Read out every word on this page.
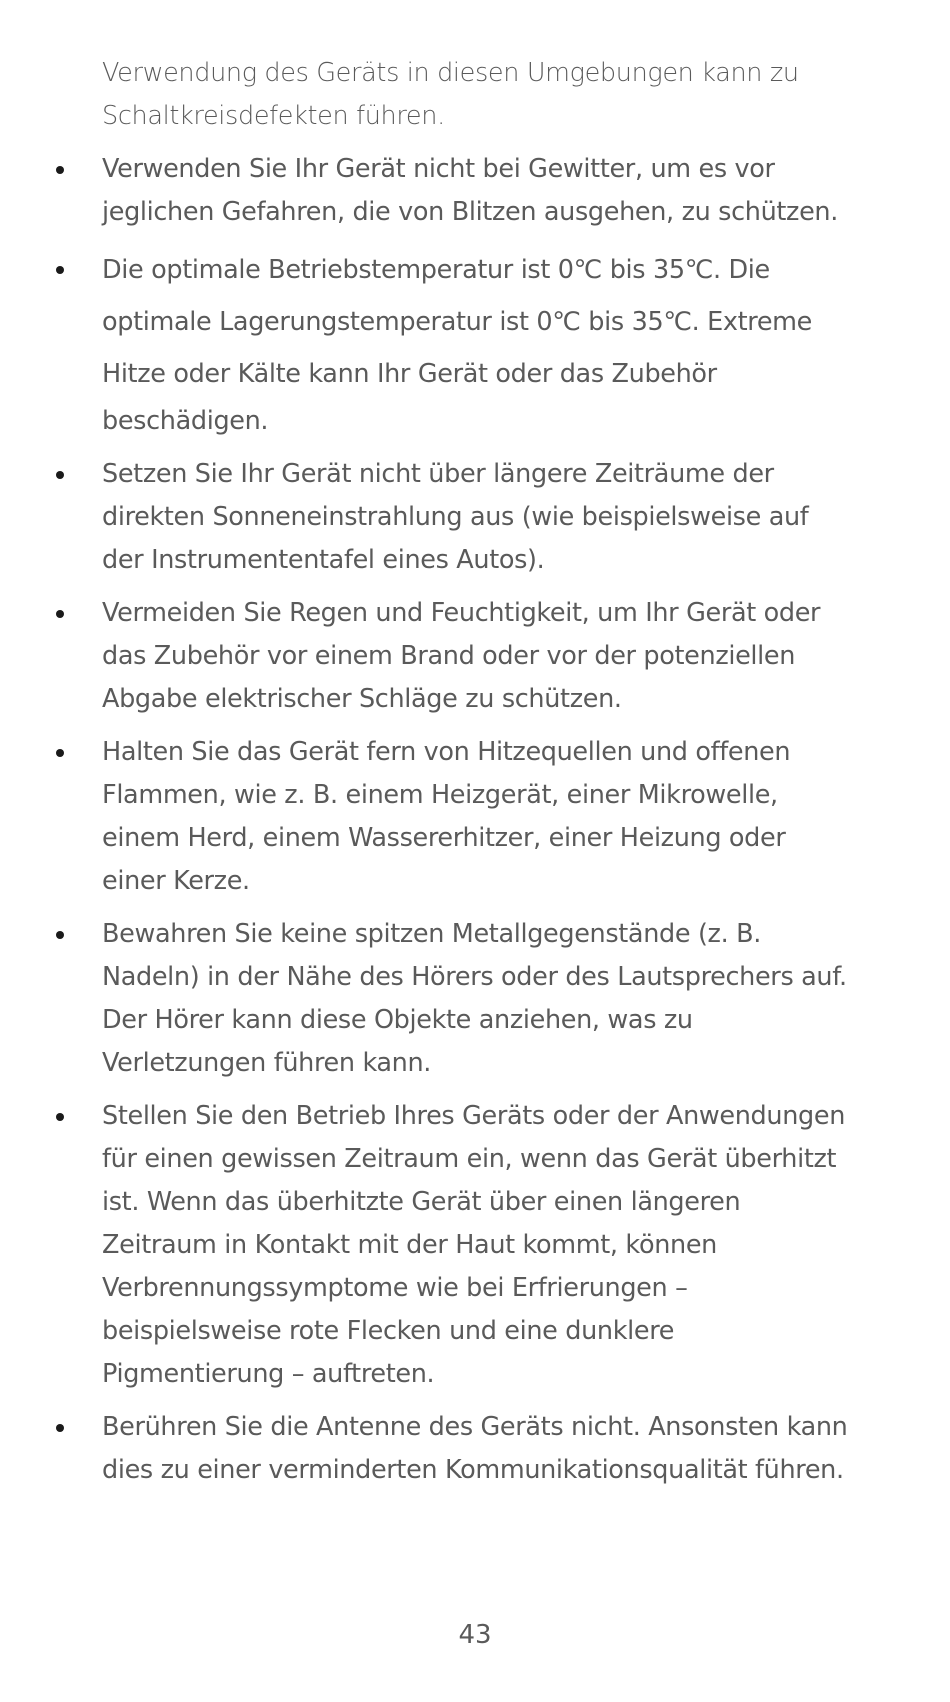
Verwendung des Geräts in diesen Umgebungen kann zu
Schaltkreisdefekten führen.
Verwenden Sie Ihr Gerät nicht bei Gewitter, um es vor
jeglichen Gefahren, die von Blitzen ausgehen, zu schützen.
Die optimale Betriebstemperatur ist 0℃ bis 35℃. Die
optimale Lagerungstemperatur ist 0℃ bis 35℃. Extreme
Hitze oder Kälte kann Ihr Gerät oder das Zubehör
beschädigen.
Setzen Sie Ihr Gerät nicht über längere Zeiträume der
direkten Sonneneinstrahlung aus (wie beispielsweise auf
der Instrumententafel eines Autos).
Vermeiden Sie Regen und Feuchtigkeit, um Ihr Gerät oder
das Zubehör vor einem Brand oder vor der potenziellen
Abgabe elektrischer Schläge zu schützen.
Halten Sie das Gerät fern von Hitzequellen und offenen
Flammen, wie z. B. einem Heizgerät, einer Mikrowelle,
einem Herd, einem Wassererhitzer, einer Heizung oder
einer Kerze.
Bewahren Sie keine spitzen Metallgegenstände (z. B.
Nadeln) in der Nähe des Hörers oder des Lautsprechers auf.
Der Hörer kann diese Objekte anziehen, was zu
Verletzungen führen kann.
Stellen Sie den Betrieb Ihres Geräts oder der Anwendungen
für einen gewissen Zeitraum ein, wenn das Gerät überhitzt
ist. Wenn das überhitzte Gerät über einen längeren
Zeitraum in Kontakt mit der Haut kommt, können
Verbrennungssymptome wie bei Erfrierungen –
beispielsweise rote Flecken und eine dunklere
Pigmentierung – auftreten.
Berühren Sie die Antenne des Geräts nicht. Ansonsten kann
dies zu einer verminderten Kommunikationsqualität führen.
43
